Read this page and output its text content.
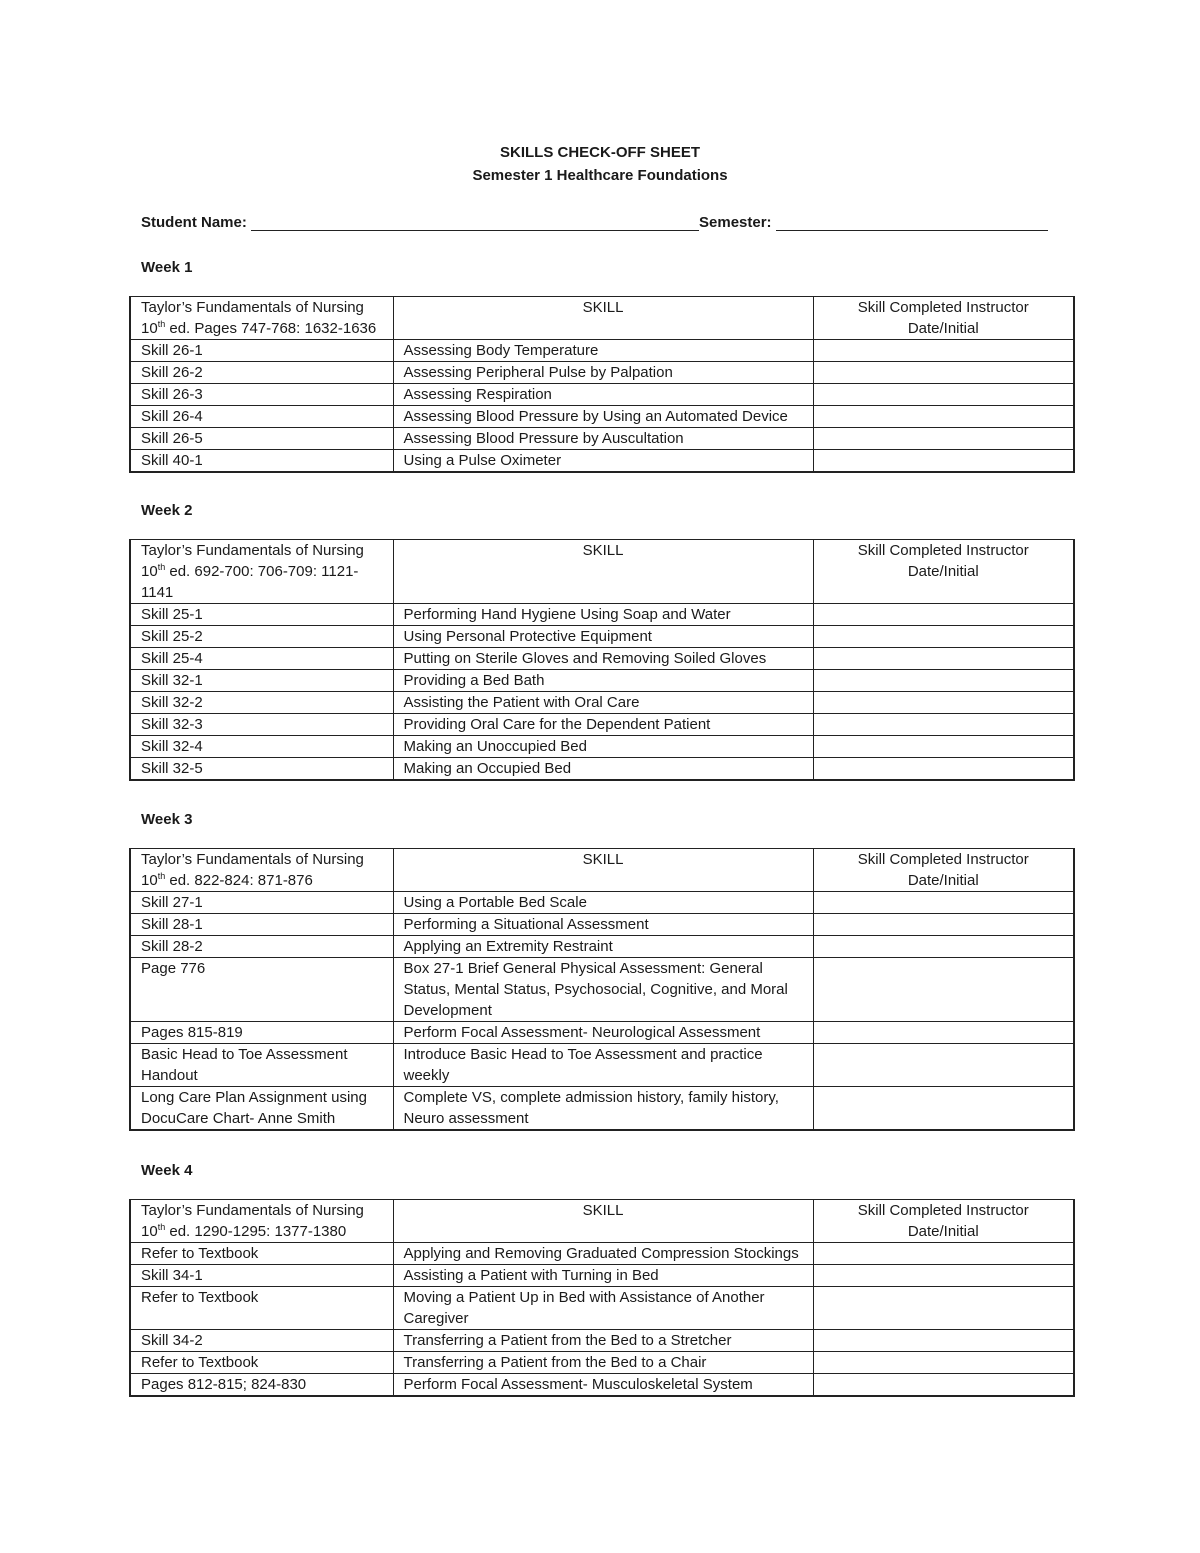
SKILLS CHECK-OFF SHEET
Semester 1 Healthcare Foundations
Student Name:	Semester:
Week 1
Taylor’s Fundamentals of Nursing
10th ed. Pages 747-768: 1632-1636	SKILL	Skill Completed Instructor
Date/Initial
Skill 26-1	Assessing Body Temperature	
Skill 26-2	Assessing Peripheral Pulse by Palpation	
Skill 26-3	Assessing Respiration	
Skill 26-4	Assessing Blood Pressure by Using an Automated Device	
Skill 26-5	Assessing Blood Pressure by Auscultation	
Skill 40-1	Using a Pulse Oximeter	
Week 2
Taylor’s Fundamentals of Nursing
10th ed. 692-700: 706-709: 1121-1141	SKILL	Skill Completed Instructor
Date/Initial
Skill 25-1	Performing Hand Hygiene Using Soap and Water	
Skill 25-2	Using Personal Protective Equipment	
Skill 25-4	Putting on Sterile Gloves and Removing Soiled Gloves	
Skill 32-1	Providing a Bed Bath	
Skill 32-2	Assisting the Patient with Oral Care	
Skill 32-3	Providing Oral Care for the Dependent Patient	
Skill 32-4	Making an Unoccupied Bed	
Skill 32-5	Making an Occupied Bed	
Week 3
Taylor’s Fundamentals of Nursing
10th ed. 822-824: 871-876	SKILL	Skill Completed Instructor
Date/Initial
Skill 27-1	Using a Portable Bed Scale	
Skill 28-1	Performing a Situational Assessment	
Skill 28-2	Applying an Extremity Restraint	
Page 776	Box 27-1 Brief General Physical Assessment: General Status, Mental Status, Psychosocial, Cognitive, and Moral Development	
Pages 815-819	Perform Focal Assessment- Neurological Assessment	
Basic Head to Toe Assessment Handout	Introduce Basic Head to Toe Assessment and practice weekly	
Long Care Plan Assignment using DocuCare Chart- Anne Smith	Complete VS, complete admission history, family history, Neuro assessment	
Week 4
Taylor’s Fundamentals of Nursing
10th ed. 1290-1295: 1377-1380	SKILL	Skill Completed Instructor
Date/Initial
Refer to Textbook	Applying and Removing Graduated Compression Stockings	
Skill 34-1	Assisting a Patient with Turning in Bed	
Refer to Textbook	Moving a Patient Up in Bed with Assistance of Another Caregiver	
Skill 34-2	Transferring a Patient from the Bed to a Stretcher	
Refer to Textbook	Transferring a Patient from the Bed to a Chair	
Pages 812-815; 824-830	Perform Focal Assessment- Musculoskeletal System	
